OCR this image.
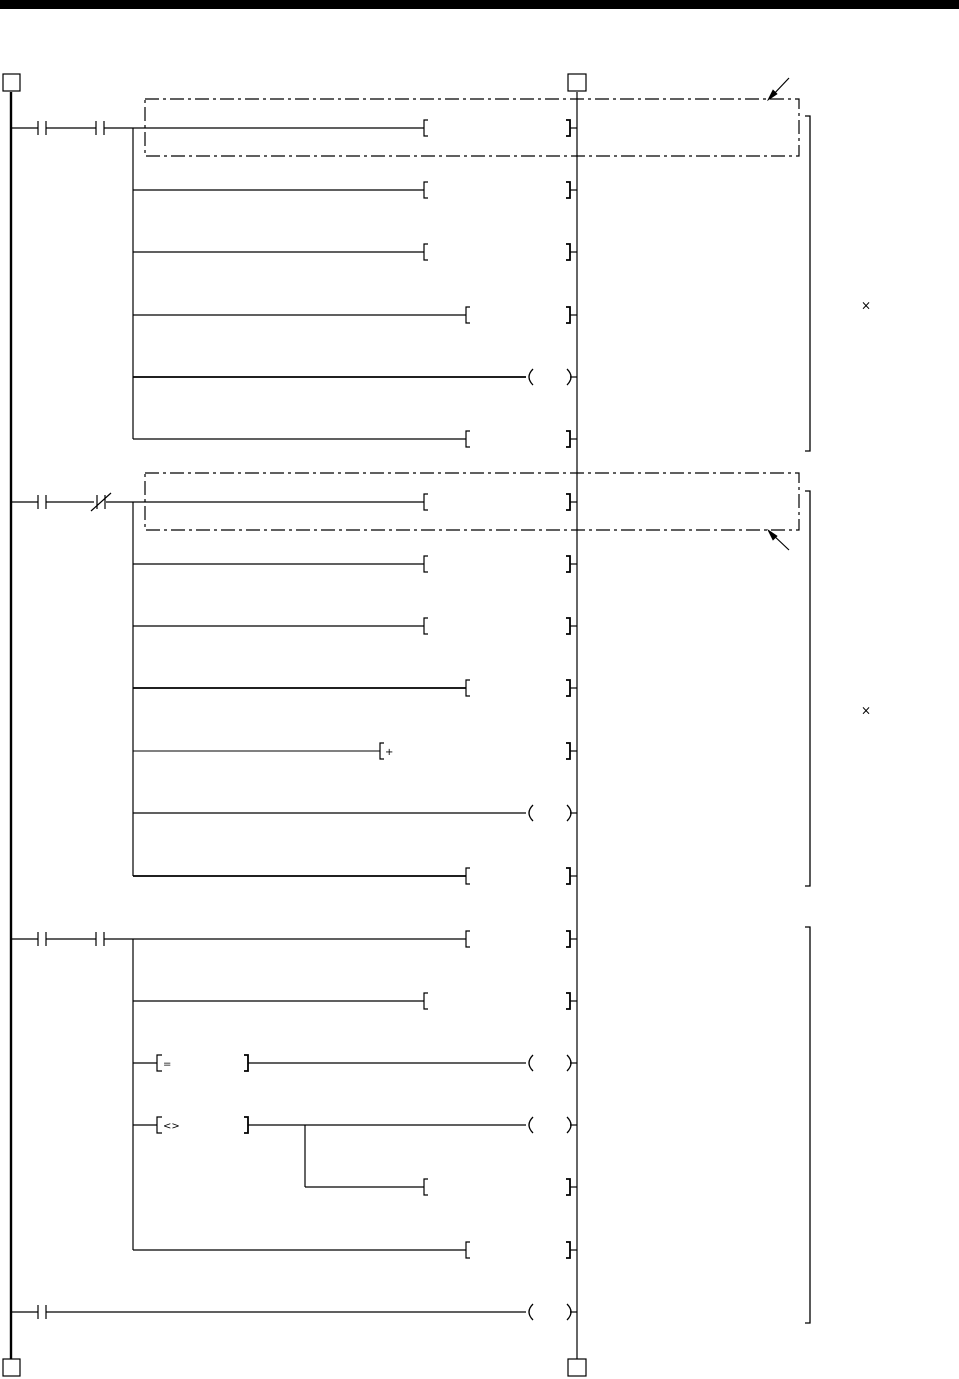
+
=
<>
×
×
